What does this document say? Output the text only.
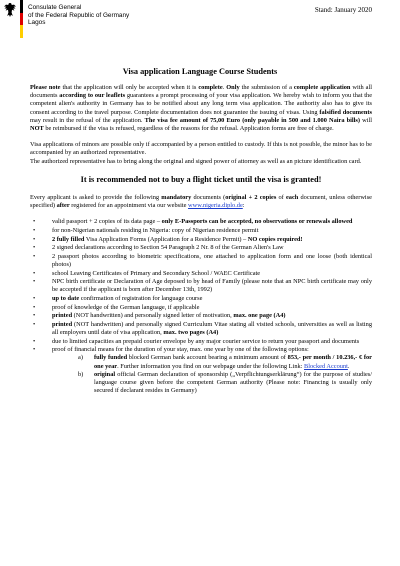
Consulate General
of the Federal Republic of Germany
Lagos
Stand: January 2020
Visa application Language Course Students

Please note that the application will only be accepted when it is complete. Only the submission of a complete application with all documents according to our leaflets guarantees a prompt processing of your visa application. We hereby wish to inform you that the competent alien's authority in Germany has to be notified about any long term visa application. The authority also has to give its consent according to the travel purpose. Complete documentation does not guarantee the issuing of visas. Using falsified documents may result in the refusal of the application. The visa fee amount of 75,00 Euro (only payable in 500 and 1.000 Naira bills) will NOT be reimbursed if the visa is refused, regardless of the reasons for the refusal. Application forms are free of charge.

Visa applications of minors are possible only if accompanied by a person entitled to custody. If this is not possible, the minor has to be accompanied by an authorized representative.
The authorized representative has to bring along the original and signed power of attorney as well as an picture identification card.

It is recommended not to buy a flight ticket until the visa is granted!

Every applicant is asked to provide the following mandatory documents (original + 2 copies of each document, unless otherwise specified) after registered for an appointment via our website www.nigeria.diplo.de:

• valid passport + 2 copies of its data page – only E-Passports can be accepted, no observations or renewals allowed
• for non-Nigerian nationals residing in Nigeria: copy of Nigerian residence permit
• 2 fully filled Visa Application Forms (Application for a Residence Permit) – NO copies required!
• 2 signed declarations according to Section 54 Paragraph 2 Nr. 8 of the German Alien's Law
• 2 passport photos according to biometric specifications, one attached to application form and one loose (both identical photos)
• school Leaving Certificates of Primary and Secondary School / WAEC Certificate
• NPC birth certificate or Declaration of Age deposed to by head of Family (please note that an NPC birth certificate may only be accepted if the applicant is born after December 13th, 1992)
• up to date confirmation of registration for language course
• proof of knowledge of the German language, if applicable
• printed (NOT handwritten) and personally signed letter of motivation, max. one page (A4)
• printed (NOT handwritten) and personally signed Curriculum Vitae stating all visited schools, universities as well as listing all employers until date of visa application, max. two pages (A4)
• due to limited capacities an prepaid courier envelope by any major courier service to return your passport and documents
• proof of financial means for the duration of your stay, max. one year by one of the following options:
a) fully funded blocked German bank account bearing a minimum amount of 853,- per month / 10.236,- € for one year. Further information you find on our webpage under the following Link: Blocked Account.
b) original official German declaration of sponsorship („Verpflichtungserklärung“) for the purpose of studies/ language course given before the competent German authority (Please note: Financing is usually only secured if declarant resides in Germany)
